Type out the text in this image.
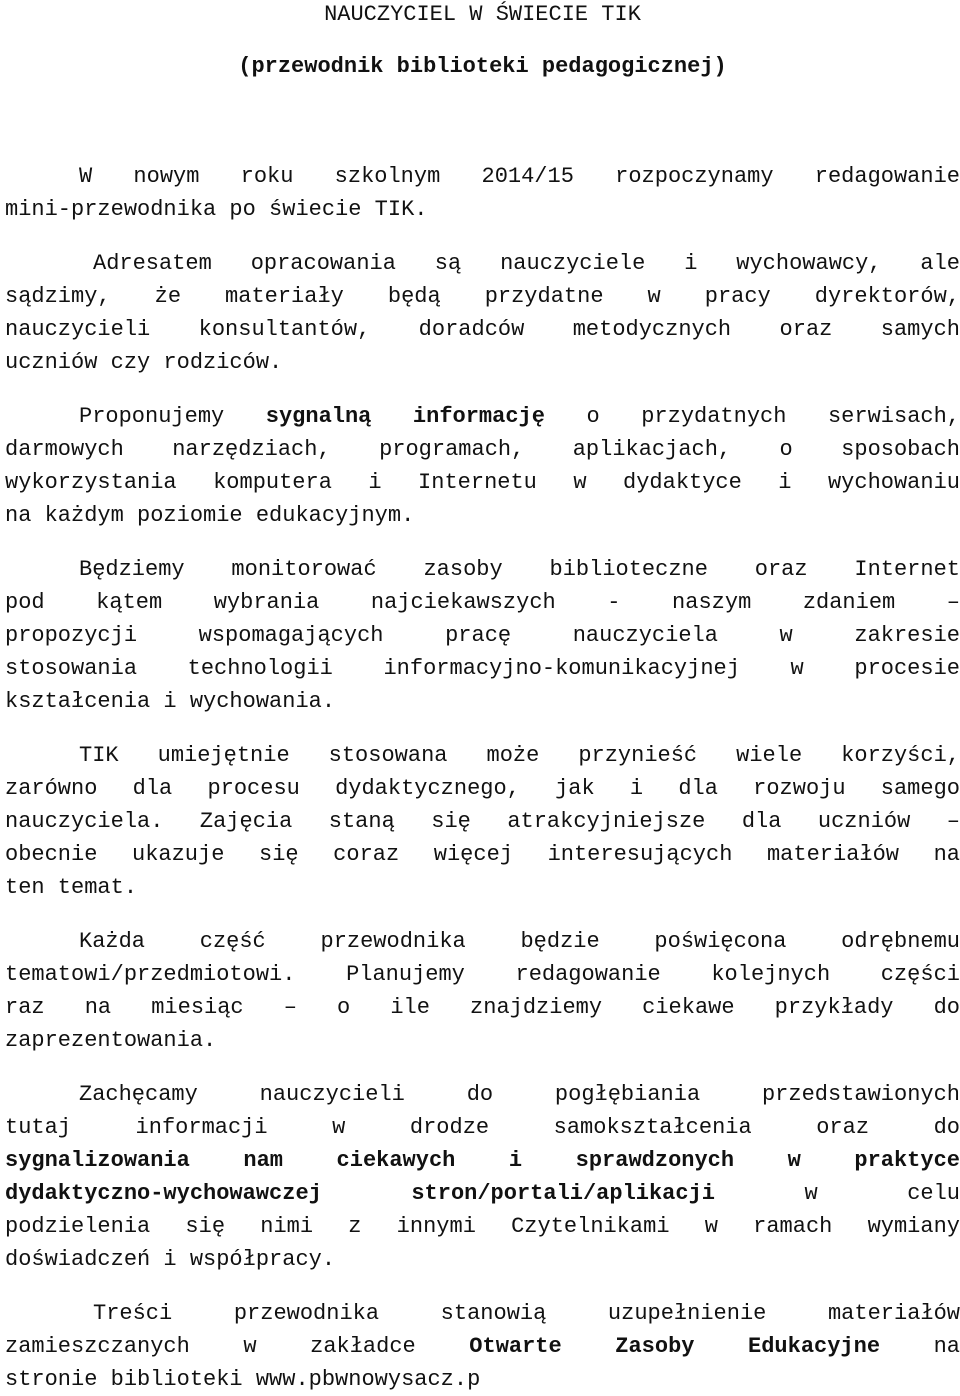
NAUCZYCIEL W ŚWIECIE TIK
(przewodnik biblioteki pedagogicznej)
W nowym roku szkolnym 2014/15 rozpoczynamy redagowanie
mini-przewodnika po świecie TIK.
Adresatem opracowania są nauczyciele i wychowawcy, ale
sądzimy, że materiały będą przydatne w pracy dyrektorów,
nauczycieli konsultantów, doradców metodycznych oraz samych
uczniów czy rodziców.
Proponujemy sygnalną informację o przydatnych serwisach,
darmowych narzędziach, programach, aplikacjach, o sposobach
wykorzystania komputera i Internetu w dydaktyce i wychowaniu
na każdym poziomie edukacyjnym.
Będziemy monitorować zasoby biblioteczne oraz Internet
pod kątem wybrania najciekawszych - naszym zdaniem –
propozycji wspomagających pracę nauczyciela w zakresie
stosowania technologii informacyjno-komunikacyjnej w procesie
kształcenia i wychowania.
TIK umiejętnie stosowana może przynieść wiele korzyści,
zarówno dla procesu dydaktycznego, jak i dla rozwoju samego
nauczyciela. Zajęcia staną się atrakcyjniejsze dla uczniów –
obecnie ukazuje się coraz więcej interesujących materiałów na
ten temat.
Każda część przewodnika będzie poświęcona odrębnemu
tematowi/przedmiotowi. Planujemy redagowanie kolejnych części
raz na miesiąc – o ile znajdziemy ciekawe przykłady do
zaprezentowania.
Zachęcamy nauczycieli do pogłębiania przedstawionych
tutaj informacji w drodze samokształcenia oraz do
sygnalizowania nam ciekawych i sprawdzonych w praktyce
dydaktyczno-wychowawczej stron/portali/aplikacji w celu
podzielenia się nimi z innymi Czytelnikami w ramach wymiany
doświadczeń i współpracy.
Treści przewodnika stanowią uzupełnienie materiałów
zamieszczanych w zakładce Otwarte Zasoby Edukacyjne na
stronie biblioteki www.pbwnowysacz.p
